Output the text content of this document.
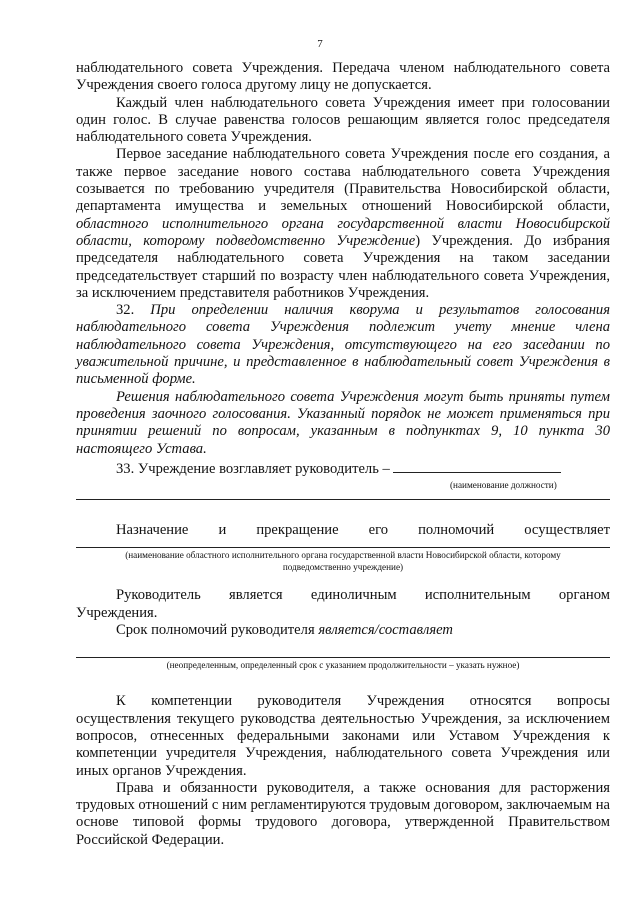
7

наблюдательного совета Учреждения. Передача членом наблюдательного совета Учреждения своего голоса другому лицу не допускается.

Каждый член наблюдательного совета Учреждения имеет при голосовании один голос. В случае равенства голосов решающим является голос председателя наблюдательного совета Учреждения.

Первое заседание наблюдательного совета Учреждения после его создания, а также первое заседание нового состава наблюдательного совета Учреждения созывается по требованию учредителя (Правительства Новосибирской области, департамента имущества и земельных отношений Новосибирской области, областного исполнительного органа государственной власти Новосибирской области, которому подведомственно Учреждение) Учреждения. До избрания председателя наблюдательного совета Учреждения на таком заседании председательствует старший по возрасту член наблюдательного совета Учреждения, за исключением представителя работников Учреждения.

32. При определении наличия кворума и результатов голосования наблюдательного совета Учреждения подлежит учету мнение члена наблюдательного совета Учреждения, отсутствующего на его заседании по уважительной причине, и представленное в наблюдательный совет Учреждения в письменной форме.

Решения наблюдательного совета Учреждения могут быть приняты путем проведения заочного голосования. Указанный порядок не может применяться при принятии решений по вопросам, указанным в подпунктах 9, 10 пункта 30 настоящего Устава.

33. Учреждение возглавляет руководитель –

(наименование должности)
Назначение и прекращение его полномочий осуществляет
(наименование областного исполнительного органа государственной власти Новосибирской области, которому подведомственно учреждение)
Руководитель является единоличным исполнительным органом

Учреждения.

Срок полномочий руководителя является/составляет

(неопределенным, определенный срок с указанием продолжительности – указать нужное)
К компетенции руководителя Учреждения относятся вопросы

осуществления текущего руководства деятельностью Учреждения, за исключением вопросов, отнесенных федеральными законами или Уставом Учреждения к компетенции учредителя Учреждения, наблюдательного совета Учреждения или иных органов Учреждения.

Права и обязанности руководителя, а также основания для расторжения трудовых отношений с ним регламентируются трудовым договором, заключаемым на основе типовой формы трудового договора, утвержденной Правительством Российской Федерации.
